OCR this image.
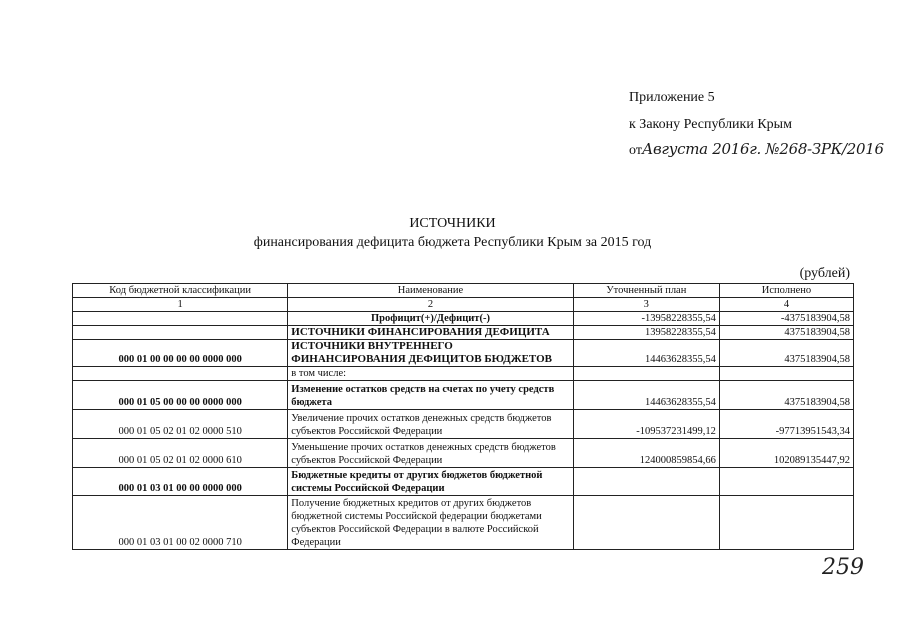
Приложение 5
к Закону Республики Крым
отАвгуста 2016г. №268-ЗРК/2016
ИСТОЧНИКИ
финансирования дефицита бюджета Республики Крым за 2015 год
(рублей)
Код бюджетной классификации	Наименование	Уточненный план	Исполнено
1	2	3	4
	Профицит(+)/Дефицит(-)	-13958228355,54	-4375183904,58
	ИСТОЧНИКИ ФИНАНСИРОВАНИЯ ДЕФИЦИТА	13958228355,54	4375183904,58
000 01 00 00 00 00 0000 000	ИСТОЧНИКИ ВНУТРЕННЕГО ФИНАНСИРОВАНИЯ ДЕФИЦИТОВ БЮДЖЕТОВ	14463628355,54	4375183904,58
	в том числе:		
000 01 05 00 00 00 0000 000	Изменение остатков средств на счетах по учету средств бюджета	14463628355,54	4375183904,58
000 01 05 02 01 02 0000 510	Увеличение прочих остатков денежных средств бюджетов субъектов Российской Федерации	-109537231499,12	-97713951543,34
000 01 05 02 01 02 0000 610	Уменьшение прочих остатков денежных средств бюджетов субъектов Российской Федерации	124000859854,66	102089135447,92
000 01 03 01 00 00 0000 000	Бюджетные кредиты от других бюджетов бюджетной системы Российской Федерации		
000 01 03 01 00 02 0000 710	Получение бюджетных кредитов от других бюджетов бюджетной системы Российской федерации бюджетами субъектов Российской Федерации в валюте Российской Федерации		
259
